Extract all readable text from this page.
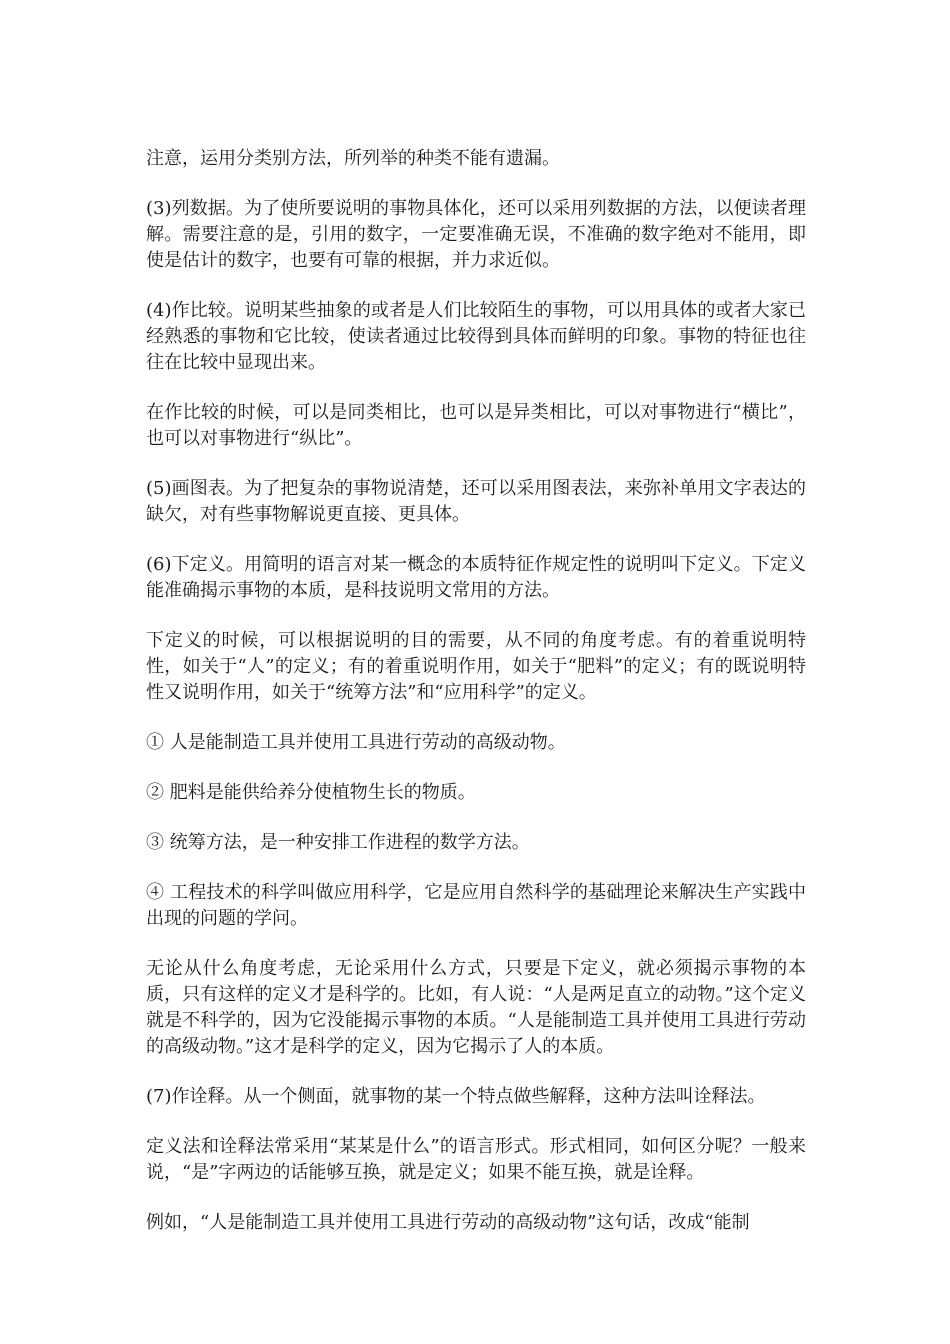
注意，运用分类别方法，所列举的种类不能有遗漏。

(3)列数据。为了使所要说明的事物具体化，还可以采用列数据的方法，以便读者理解。需要注意的是，引用的数字，一定要准确无误，不准确的数字绝对不能用，即使是估计的数字，也要有可靠的根据，并力求近似。

(4)作比较。说明某些抽象的或者是人们比较陌生的事物，可以用具体的或者大家已经熟悉的事物和它比较，使读者通过比较得到具体而鲜明的印象。事物的特征也往往在比较中显现出来。

在作比较的时候，可以是同类相比，也可以是异类相比，可以对事物进行“横比”，也可以对事物进行“纵比”。

(5)画图表。为了把复杂的事物说清楚，还可以采用图表法，来弥补单用文字表达的缺欠，对有些事物解说更直接、更具体。

(6)下定义。用简明的语言对某一概念的本质特征作规定性的说明叫下定义。下定义能准确揭示事物的本质，是科技说明文常用的方法。

下定义的时候，可以根据说明的目的需要，从不同的角度考虑。有的着重说明特性，如关于“人”的定义；有的着重说明作用，如关于“肥料”的定义；有的既说明特性又说明作用，如关于“统筹方法”和“应用科学”的定义。

① 人是能制造工具并使用工具进行劳动的高级动物。

② 肥料是能供给养分使植物生长的物质。

③ 统筹方法，是一种安排工作进程的数学方法。

④ 工程技术的科学叫做应用科学，它是应用自然科学的基础理论来解决生产实践中出现的问题的学问。

无论从什么角度考虑，无论采用什么方式，只要是下定义，就必须揭示事物的本质，只有这样的定义才是科学的。比如，有人说：“人是两足直立的动物。”这个定义就是不科学的，因为它没能揭示事物的本质。“人是能制造工具并使用工具进行劳动的高级动物。”这才是科学的定义，因为它揭示了人的本质。

(7)作诠释。从一个侧面，就事物的某一个特点做些解释，这种方法叫诠释法。

定义法和诠释法常采用“某某是什么”的语言形式。形式相同，如何区分呢？一般来说，“是”字两边的话能够互换，就是定义；如果不能互换，就是诠释。

例如，“人是能制造工具并使用工具进行劳动的高级动物”这句话，改成“能制
